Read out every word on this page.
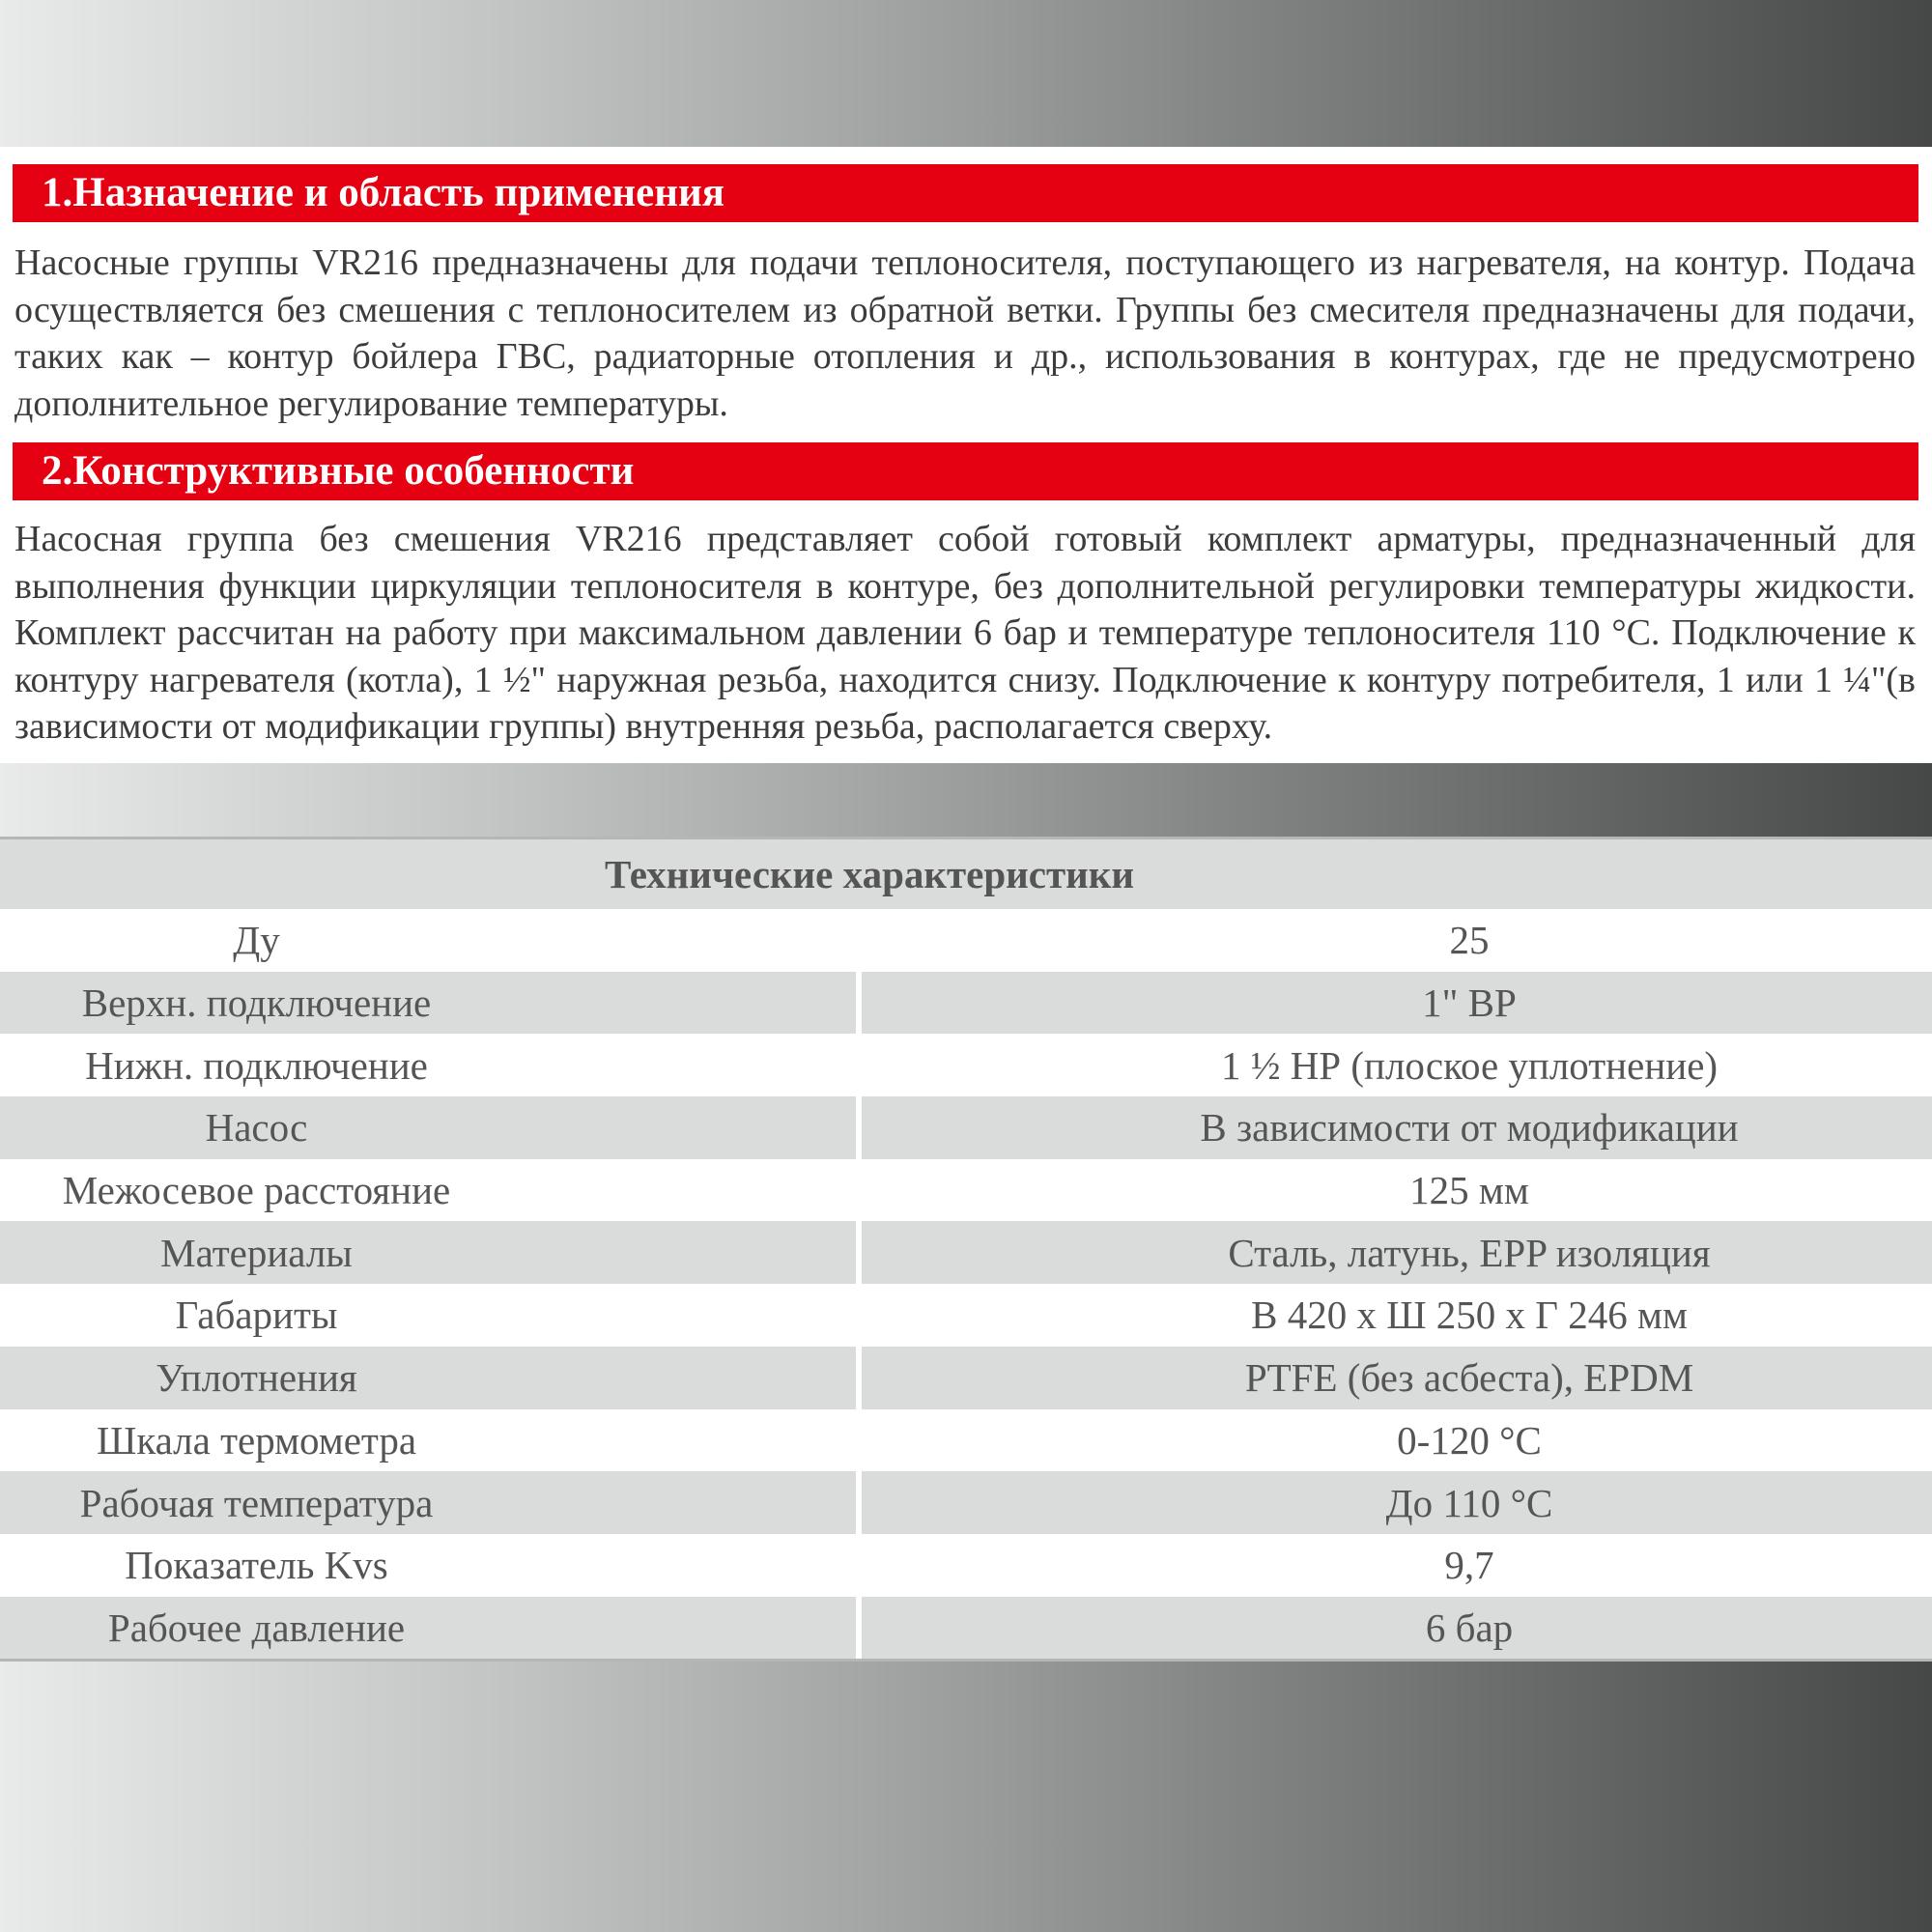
1.Назначение и область применения

Насосные группы VR216 предназначены для подачи теплоносителя, поступающего из нагревателя, на контур. Подача осуществляется без смешения с теплоносителем из обратной ветки. Группы без смесителя предназначены для подачи, таких как – контур бойлера ГВС, радиаторные отопления и др., использования в контурах, где не предусмотрено дополнительное регулирование температуры.

2.Конструктивные особенности

Насосная группа без смешения VR216 представляет собой готовый комплект арматуры, предназначенный для выполнения функции циркуляции теплоносителя в контуре, без дополнительной регулировки температуры жидкости. Комплект рассчитан на работу при максимальном давлении 6 бар и температуре теплоносителя 110 °С. Подключение к контуру нагревателя (котла), 1 ½" наружная резьба, находится снизу. Подключение к контуру потребителя, 1 или 1 ¼"(в зависимости от модификации группы) внутренняя резьба, располагается сверху.

Технические характеристики
Ду	25
Верхн. подключение	1" ВР
Нижн. подключение	1 ½ НР (плоское уплотнение)
Насос	В зависимости от модификации
Межосевое расстояние	125 мм
Материалы	Сталь, латунь, EPP изоляция
Габариты	В 420 х Ш 250 х Г 246 мм
Уплотнения	PTFE (без асбеста), EPDM
Шкала термометра	0-120 °С
Рабочая температура	До 110 °С
Показатель Kvs	9,7
Рабочее давление	6 бар
